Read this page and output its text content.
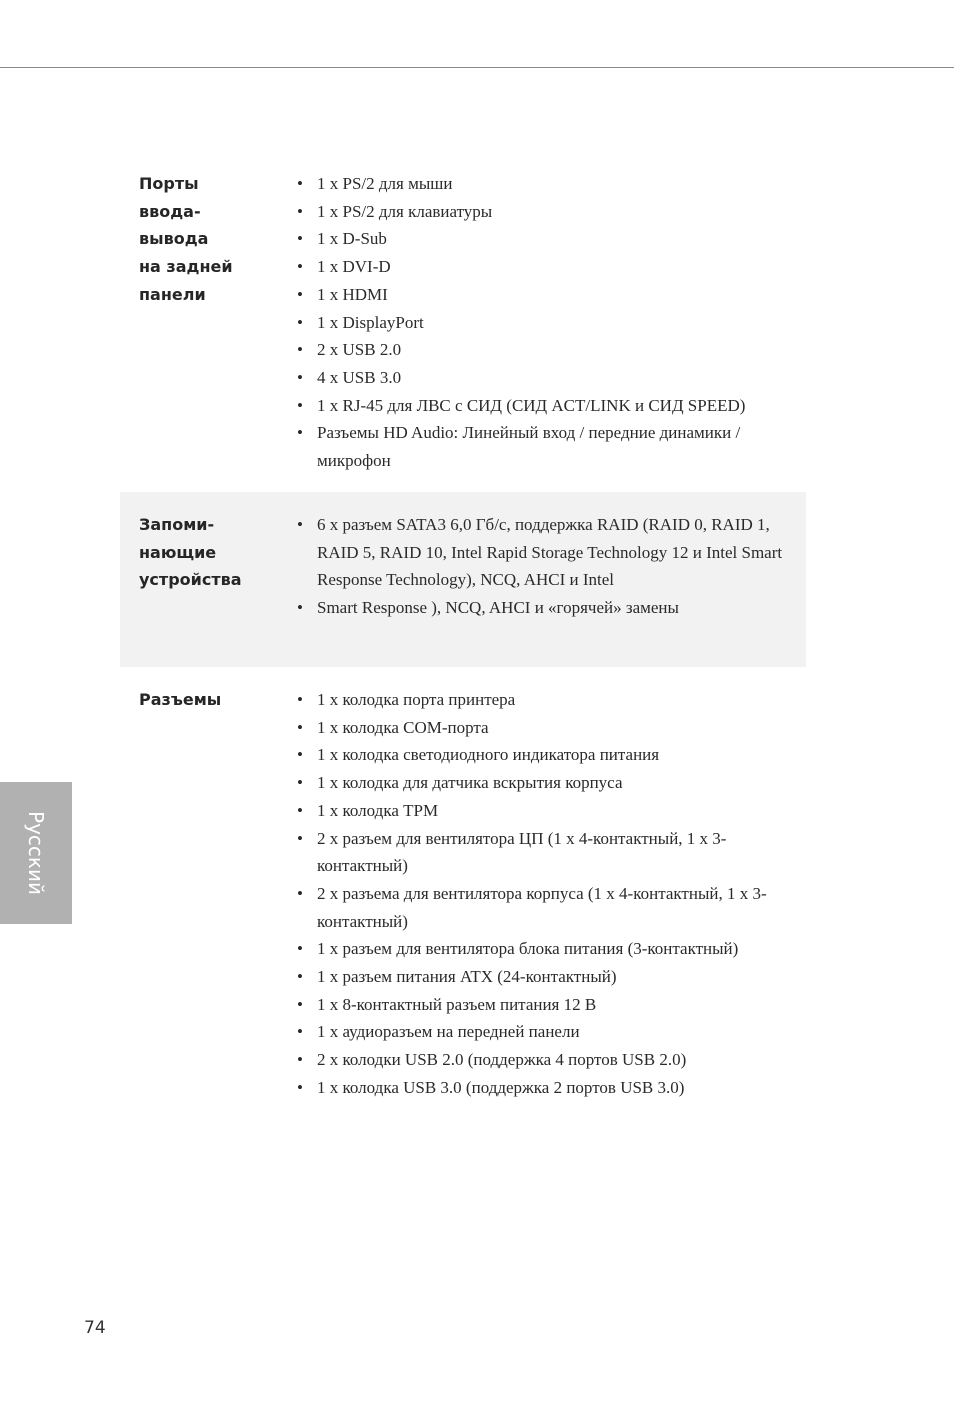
Порты
ввода-
вывода
на задней
панели
• 1 x PS/2 для мыши
• 1 x PS/2 для клавиатуры
• 1 x D-Sub
• 1 x DVI-D
• 1 x HDMI
• 1 x DisplayPort
• 2 x USB 2.0
• 4 x USB 3.0
• 1 x RJ-45 для ЛВС с СИД (СИД ACT/LINK и СИД SPEED)
• Разъемы HD Audio: Линейный вход / передние динамики / микрофон
Запоми-
нающие
устройства
• 6 x разъем SATA3 6,0 Гб/с, поддержка RAID (RAID 0, RAID 1, RAID 5, RAID 10, Intel Rapid Storage Technology 12 и Intel Smart Response Technology), NCQ, AHCI и Intel
• Smart Response ), NCQ, AHCI и «горячей» замены
Разъемы
•	1 x колодка порта принтера
• 1 x колодка COM-порта
• 1 x колодка светодиодного индикатора питания
• 1 x колодка для датчика вскрытия корпуса
• 1 x колодка TPM
• 2 x разъем для вентилятора ЦП (1 x 4-контактный, 1 x 3-контактный)
• 2 x разъема для вентилятора корпуса (1 x 4-контактный, 1 x 3-контактный)
• 1 x разъем для вентилятора блока питания (3-контактный)
• 1 x разъем питания ATX (24-контактный)
• 1 x 8-контактный разъем питания 12 В
• 1 x аудиоразъем на передней панели
• 2 x колодки USB 2.0 (поддержка 4 портов USB 2.0)
• 1 x колодка USB 3.0 (поддержка 2 портов USB 3.0)
Русский
74
